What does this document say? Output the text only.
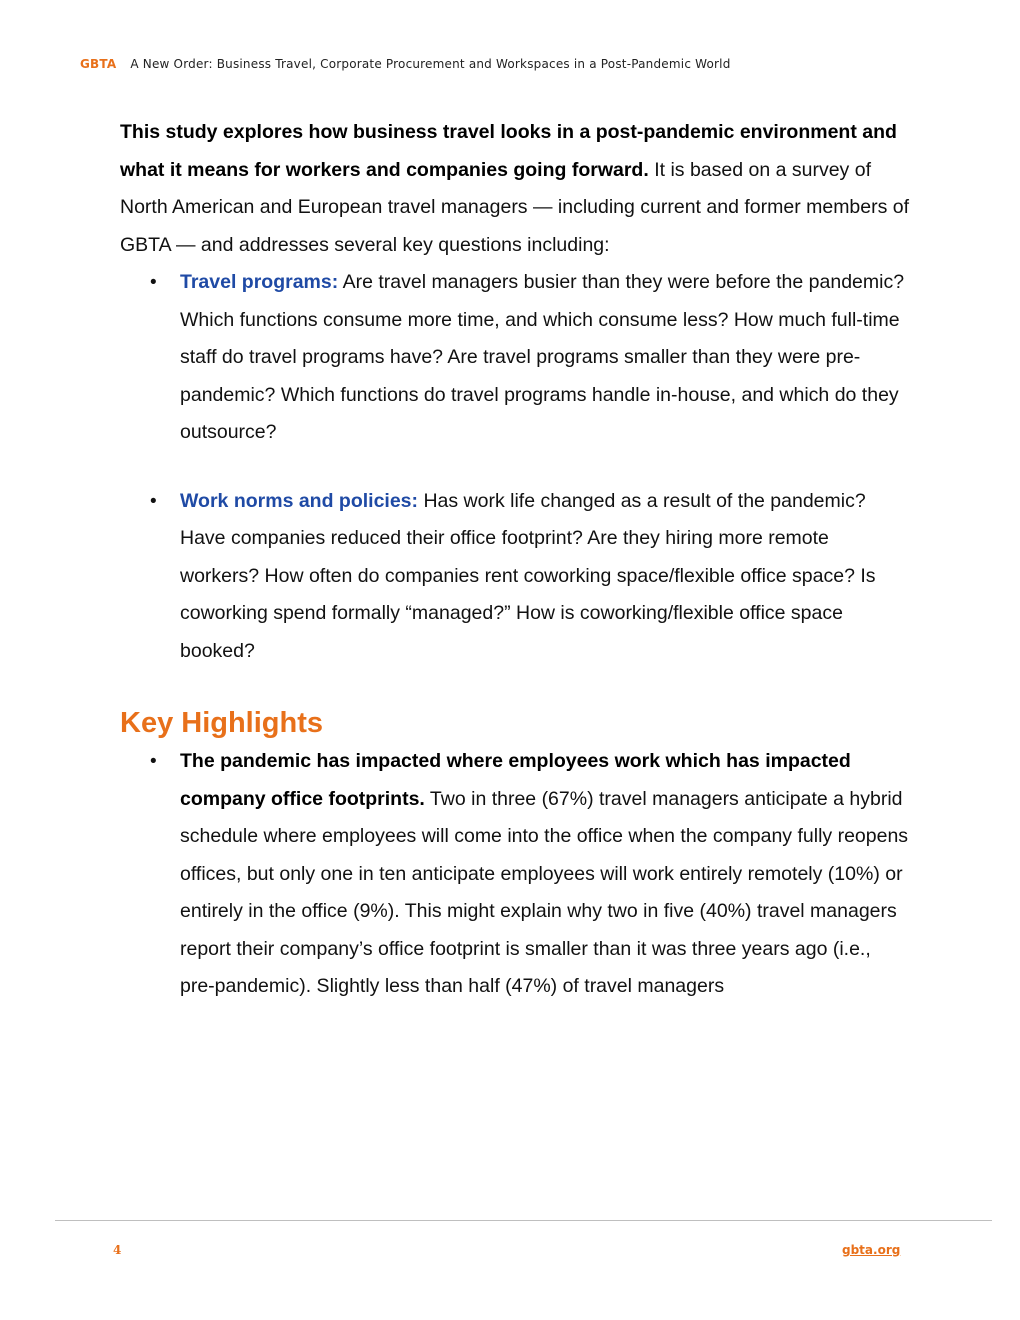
GBTA A New Order: Business Travel, Corporate Procurement and Workspaces in a Post-Pandemic World

This study explores how business travel looks in a post-pandemic environment and what it means for workers and companies going forward. It is based on a survey of North American and European travel managers — including current and former members of GBTA — and addresses several key questions including:

• Travel programs: Are travel managers busier than they were before the pandemic? Which functions consume more time, and which consume less? How much full-time staff do travel programs have? Are travel programs smaller than they were pre-pandemic? Which functions do travel programs handle in-house, and which do they outsource?
• Work norms and policies: Has work life changed as a result of the pandemic? Have companies reduced their office footprint? Are they hiring more remote workers? How often do companies rent coworking space/flexible office space? Is coworking spend formally “managed?” How is coworking/flexible office space booked?
Key Highlights
• The pandemic has impacted where employees work which has impacted company office footprints. Two in three (67%) travel managers anticipate a hybrid schedule where employees will come into the office when the company fully reopens offices, but only one in ten anticipate employees will work entirely remotely (10%) or entirely in the office (9%). This might explain why two in five (40%) travel managers report their company’s office footprint is smaller than it was three years ago (i.e., pre-pandemic). Slightly less than half (47%) of travel managers
4	gbta.org
